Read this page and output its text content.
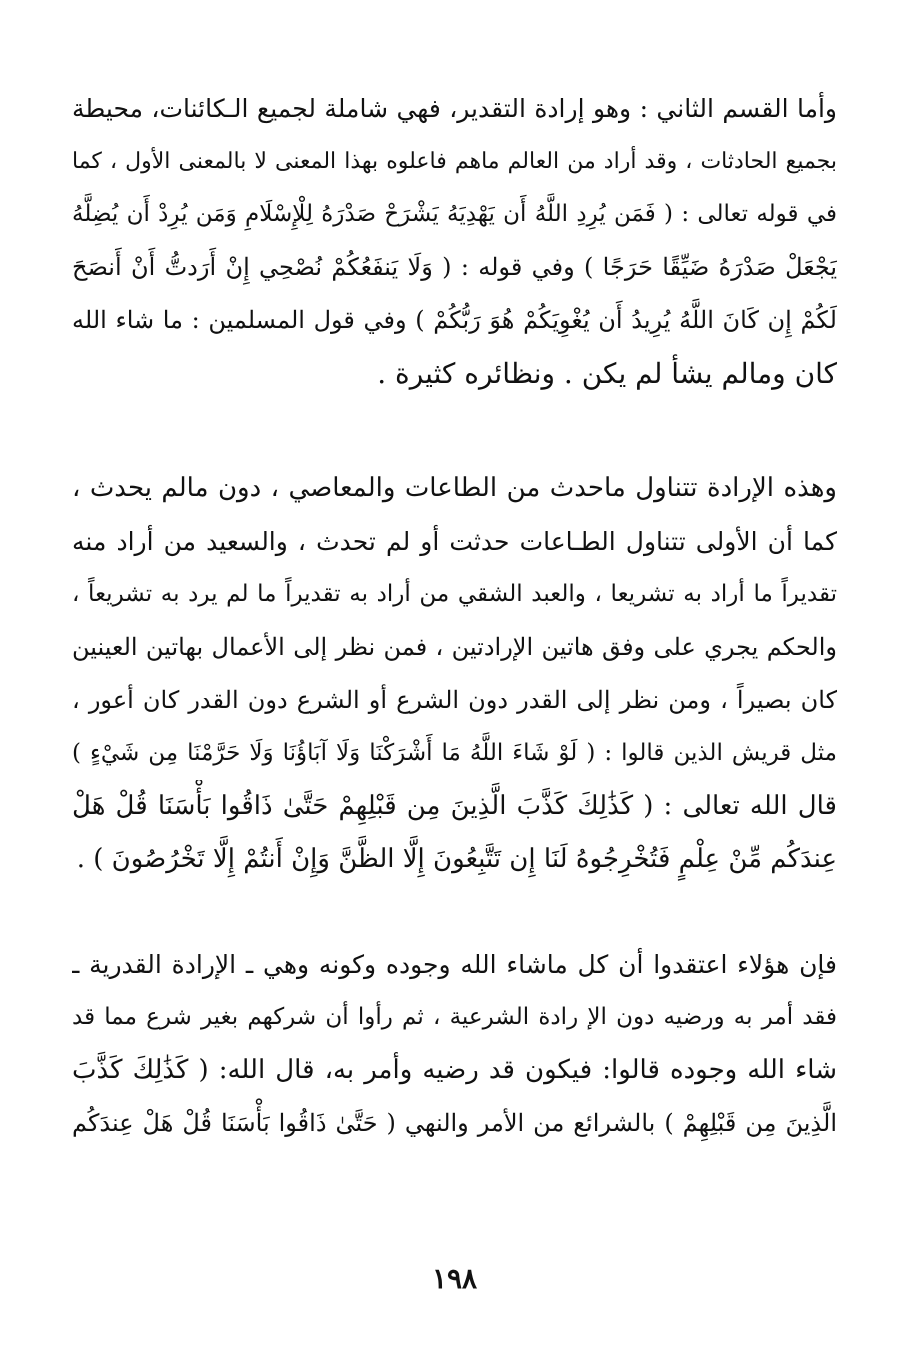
وأما القسم الثاني : وهو إرادة التقدير، فهي شاملة لجميع الـكائنات، محيطة
بجميع الحادثات ، وقد أراد من العالم ماهم فاعلوه بهذا المعنى لا بالمعنى الأول ، كما
في قوله تعالى : ( فَمَن يُرِدِ اللَّهُ أَن يَهْدِيَهُ يَشْرَحْ صَدْرَهُ لِلْإِسْلَامِ وَمَن يُرِدْ أَن يُضِلَّهُ
يَجْعَلْ صَدْرَهُ ضَيِّقًا حَرَجًا ) وفي قوله : ( وَلَا يَنفَعُكُمْ نُصْحِي إِنْ أَرَدتُّ أَنْ أَنصَحَ
لَكُمْ إِن كَانَ اللَّهُ يُرِيدُ أَن يُغْوِيَكُمْ هُوَ رَبُّكُمْ ) وفي قول المسلمين : ما شاء الله
كان ومالم يشأ لم يكن . ونظائره كثيرة .
وهذه الإرادة تتناول ماحدث من الطاعات والمعاصي ، دون مالم يحدث ،
كما أن الأولى تتناول الطـاعات حدثت أو لم تحدث ، والسعيد من أراد منه
تقديراً ما أراد به تشريعا ، والعبد الشقي من أراد به تقديراً ما لم يرد به تشريعاً ،
والحكم يجري على وفق هاتين الإرادتين ، فمن نظر إلى الأعمال بهاتين العينين
كان بصيراً ، ومن نظر إلى القدر دون الشرع أو الشرع دون القدر كان أعور ،
مثل قريش الذين قالوا : ( لَوْ شَاءَ اللَّهُ مَا أَشْرَكْنَا وَلَا آبَاؤُنَا وَلَا حَرَّمْنَا مِن شَيْءٍ )
قال الله تعالى : ( كَذَٰلِكَ كَذَّبَ الَّذِينَ مِن قَبْلِهِمْ حَتَّىٰ ذَاقُوا بَأْسَنَا قُلْ هَلْ
عِندَكُم مِّنْ عِلْمٍ فَتُخْرِجُوهُ لَنَا إِن تَتَّبِعُونَ إِلَّا الظَّنَّ وَإِنْ أَنتُمْ إِلَّا تَخْرُصُونَ ) .
فإن هؤلاء اعتقدوا أن كل ماشاء الله وجوده وكونه وهي ـ الإرادة القدرية ـ
فقد أمر به ورضيه دون الإ رادة الشرعية ، ثم رأوا أن شركهم بغير شرع مما قد
شاء الله وجوده قالوا: فيكون قد رضيه وأمر به، قال الله: ( كَذَٰلِكَ كَذَّبَ
الَّذِينَ مِن قَبْلِهِمْ ) بالشرائع من الأمر والنهي ( حَتَّىٰ ذَاقُوا بَأْسَنَا قُلْ هَلْ عِندَكُم
١٩٨
